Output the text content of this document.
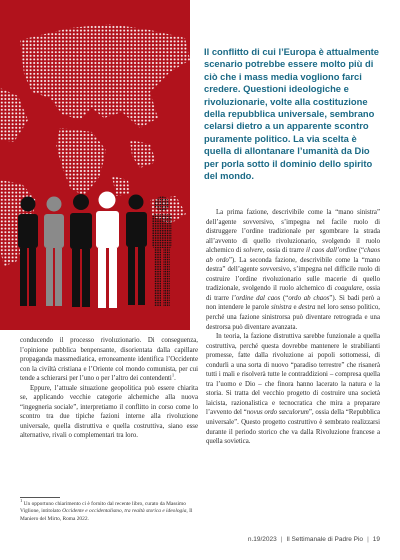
Il conflitto di cui l’Europa è attualmente scenario potrebbe essere molto più di ciò che i mass media vogliono farci credere. Questioni ideologiche e rivoluzionarie, volte alla costituzione della repubblica universale, sembrano celarsi dietro a un apparente scontro puramente politico. La via scelta è quella di allontanare l’umanità da Dio per porla sotto il dominio dello spirito del mondo.

La prima fazione, descrivibile come la “mano sinistra” dell’agente sovversivo, s’impegna nel facile ruolo di distruggere l’ordine tradizionale per sgombrare la strada all’avvento di quello rivoluzionario, svolgendo il ruolo alchemico di solvere, ossia di trarre il caos dall’ordine (“chaos ab ordo”). La seconda fazione, descrivibile come la “mano destra” dell’agente sovversivo, s’impegna nel difficile ruolo di costruire l’ordine rivoluzionario sulle macerie di quello tradizionale, svolgendo il ruolo alchemico di coagulare, ossia di trarre l’ordine dal caos (“ordo ab chaos”). Si badi però a non intendere le parole sinistra e destra nel loro senso politico, perché una fazione sinistrorsa può diventare retrograda e una destrorsa può diventare avanzata.

In teoria, la fazione distruttiva sarebbe funzionale a quella costruttiva, perché questa dovrebbe mantenere le strabilianti promesse, fatte dalla rivoluzione ai popoli sottomessi, di condurli a una sorta di nuovo “paradiso terrestre” che risanerà tutti i mali e risolverà tutte le contraddizioni – compresa quella tra l’uomo e Dio – che finora hanno lacerato la natura e la storia. Si tratta del vecchio progetto di costruire una società laicista, razionalistica e tecnocratica che mira a preparare l’avvento del “novus ordo sæculorum”, ossia della “Repubblica universale”. Questo progetto costruttivo è sembrato realizzarsi durante il periodo storico che va dalla Rivoluzione francese a quella sovietica.

conducendo il processo rivoluzionario. Di conseguenza, l’opinione pubblica benpensante, disorientata dalla capillare propaganda massmediatica, erroneamente identifica l’Occidente con la civiltà cristiana e l’Oriente col mondo comunista, per cui tende a schierarsi per l’uno o per l’altro dei contendenti$^1$.

Eppure, l’attuale situazione geopolitica può essere chiarita se, applicando vecchie categorie alchemiche alla nuova “ingegneria sociale”, interpretiamo il conflitto in corso come lo scontro tra due tipiche fazioni interne alla rivoluzione universale, quella distruttiva e quella costruttiva, siano esse alternative, rivali o complementari tra loro.

$^1$ Un opportuno chiarimento ci è fornito dal recente libro, curato da Massimo Viglione, intitolato Occidente e occidentalismo, tra realtà storica e ideologia, Il Maniero del Mirto, Roma 2022.

n.19/2023 | Il Settimanale di Padre Pio | 19
